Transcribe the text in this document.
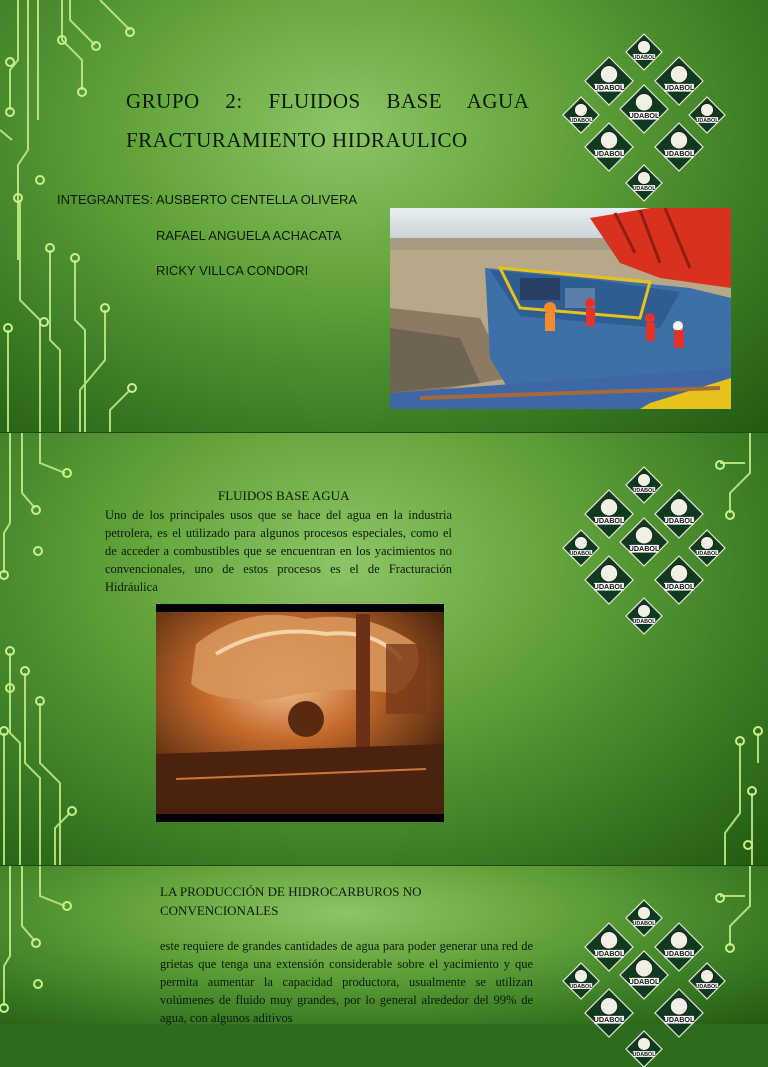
GRUPO 2: FLUIDOS BASE AGUA
FRACTURAMIENTO HIDRAULICO
INTEGRANTES: AUSBERTO CENTELLA OLIVERA
RAFAEL ANGUELA ACHACATA
RICKY VILLCA CONDORI
UDABOL
UDABOL	UDABOL
UDABOL
UDABOL
UDABOL
UDABOL	UDABOL
UDABOL
FLUIDOS BASE AGUA
Uno de los principales usos que se hace del agua en la industria petrolera, es el utilizado para algunos procesos especiales, como el de acceder a combustibles que se encuentran en los yacimientos no convencionales, uno de estos procesos es el de Fracturación Hidráulica
UDABOL
UDABOL	UDABOL
UDABOL
UDABOL
UDABOL
UDABOL	UDABOL
UDABOL
LA PRODUCCIÓN DE HIDROCARBUROS NO
CONVENCIONALES
este requiere de grandes cantidades de agua para poder generar una red de grietas que tenga una extensión considerable sobre el yacimiento y que permita aumentar la capacidad productora, usualmente se utilizan volúmenes de fluido muy grandes, por lo general alrededor del 99% de agua, con algunos aditivos
UDABOL
UDABOL	UDABOL
UDABOL
UDABOL
UDABOL
UDABOL	UDABOL
UDABOL
